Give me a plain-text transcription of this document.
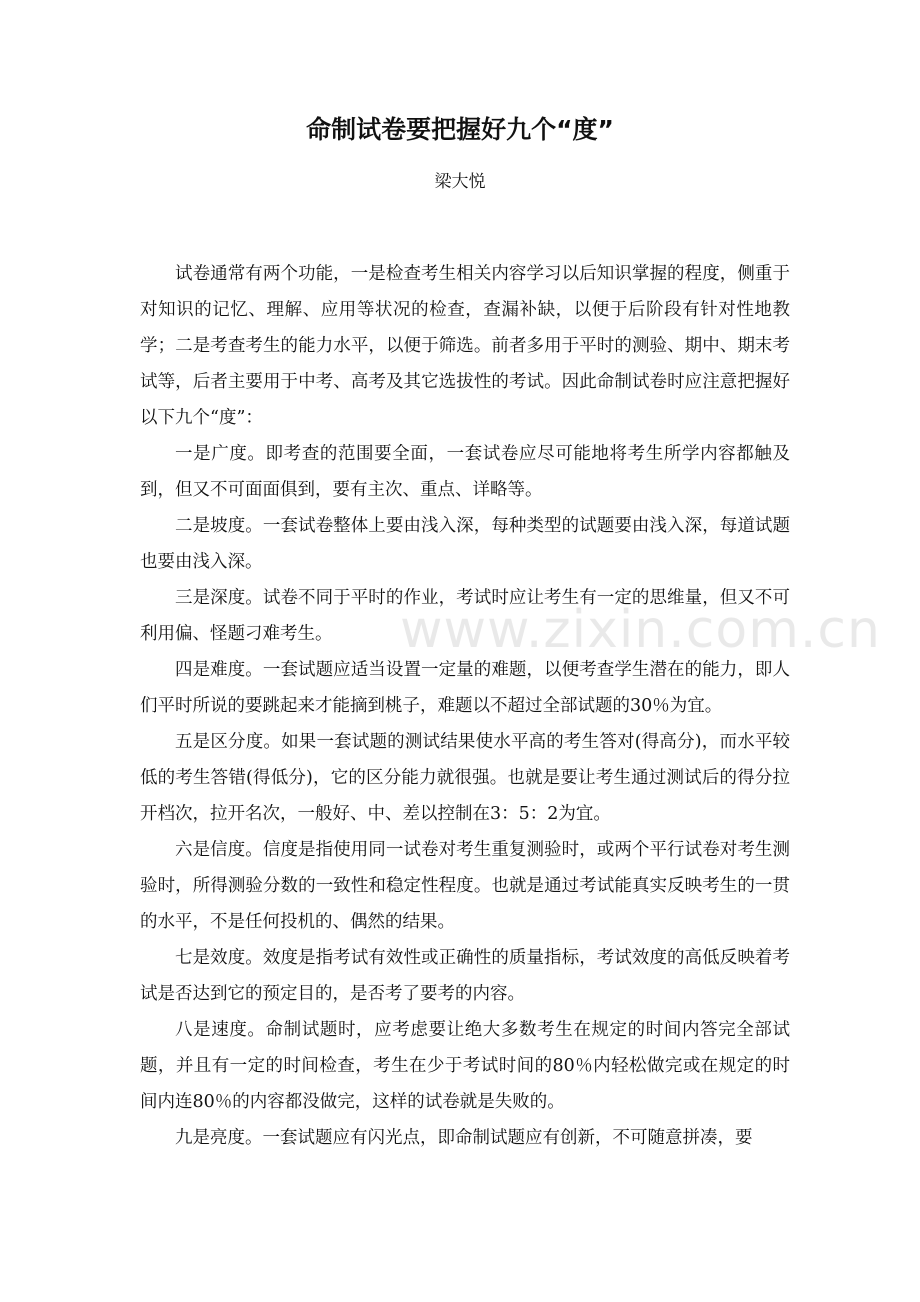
命制试卷要把握好九个“度”
梁大悦

试卷通常有两个功能，一是检查考生相关内容学习以后知识掌握的程度，侧重于对知识的记忆、理解、应用等状况的检查，查漏补缺，以便于后阶段有针对性地教学；二是考查考生的能力水平，以便于筛选。前者多用于平时的测验、期中、期末考试等，后者主要用于中考、高考及其它选拔性的考试。因此命制试卷时应注意把握好以下九个“度”：

一是广度。即考查的范围要全面，一套试卷应尽可能地将考生所学内容都触及到，但又不可面面俱到，要有主次、重点、详略等。

二是坡度。一套试卷整体上要由浅入深，每种类型的试题要由浅入深，每道试题也要由浅入深。

三是深度。试卷不同于平时的作业，考试时应让考生有一定的思维量，但又不可利用偏、怪题刁难考生。

四是难度。一套试题应适当设置一定量的难题，以便考查学生潜在的能力，即人们平时所说的要跳起来才能摘到桃子，难题以不超过全部试题的30％为宜。

五是区分度。如果一套试题的测试结果使水平高的考生答对(得高分)，而水平较低的考生答错(得低分)，它的区分能力就很强。也就是要让考生通过测试后的得分拉开档次，拉开名次，一般好、中、差以控制在3：5：2为宜。

六是信度。信度是指使用同一试卷对考生重复测验时，或两个平行试卷对考生测验时，所得测验分数的一致性和稳定性程度。也就是通过考试能真实反映考生的一贯的水平，不是任何投机的、偶然的结果。

七是效度。效度是指考试有效性或正确性的质量指标，考试效度的高低反映着考试是否达到它的预定目的，是否考了要考的内容。

八是速度。命制试题时，应考虑要让绝大多数考生在规定的时间内答完全部试题，并且有一定的时间检查，考生在少于考试时间的80％内轻松做完或在规定的时间内连80％的内容都没做完，这样的试卷就是失败的。

九是亮度。一套试题应有闪光点，即命制试题应有创新，不可随意拼凑，要

www.zixin.com.cn
